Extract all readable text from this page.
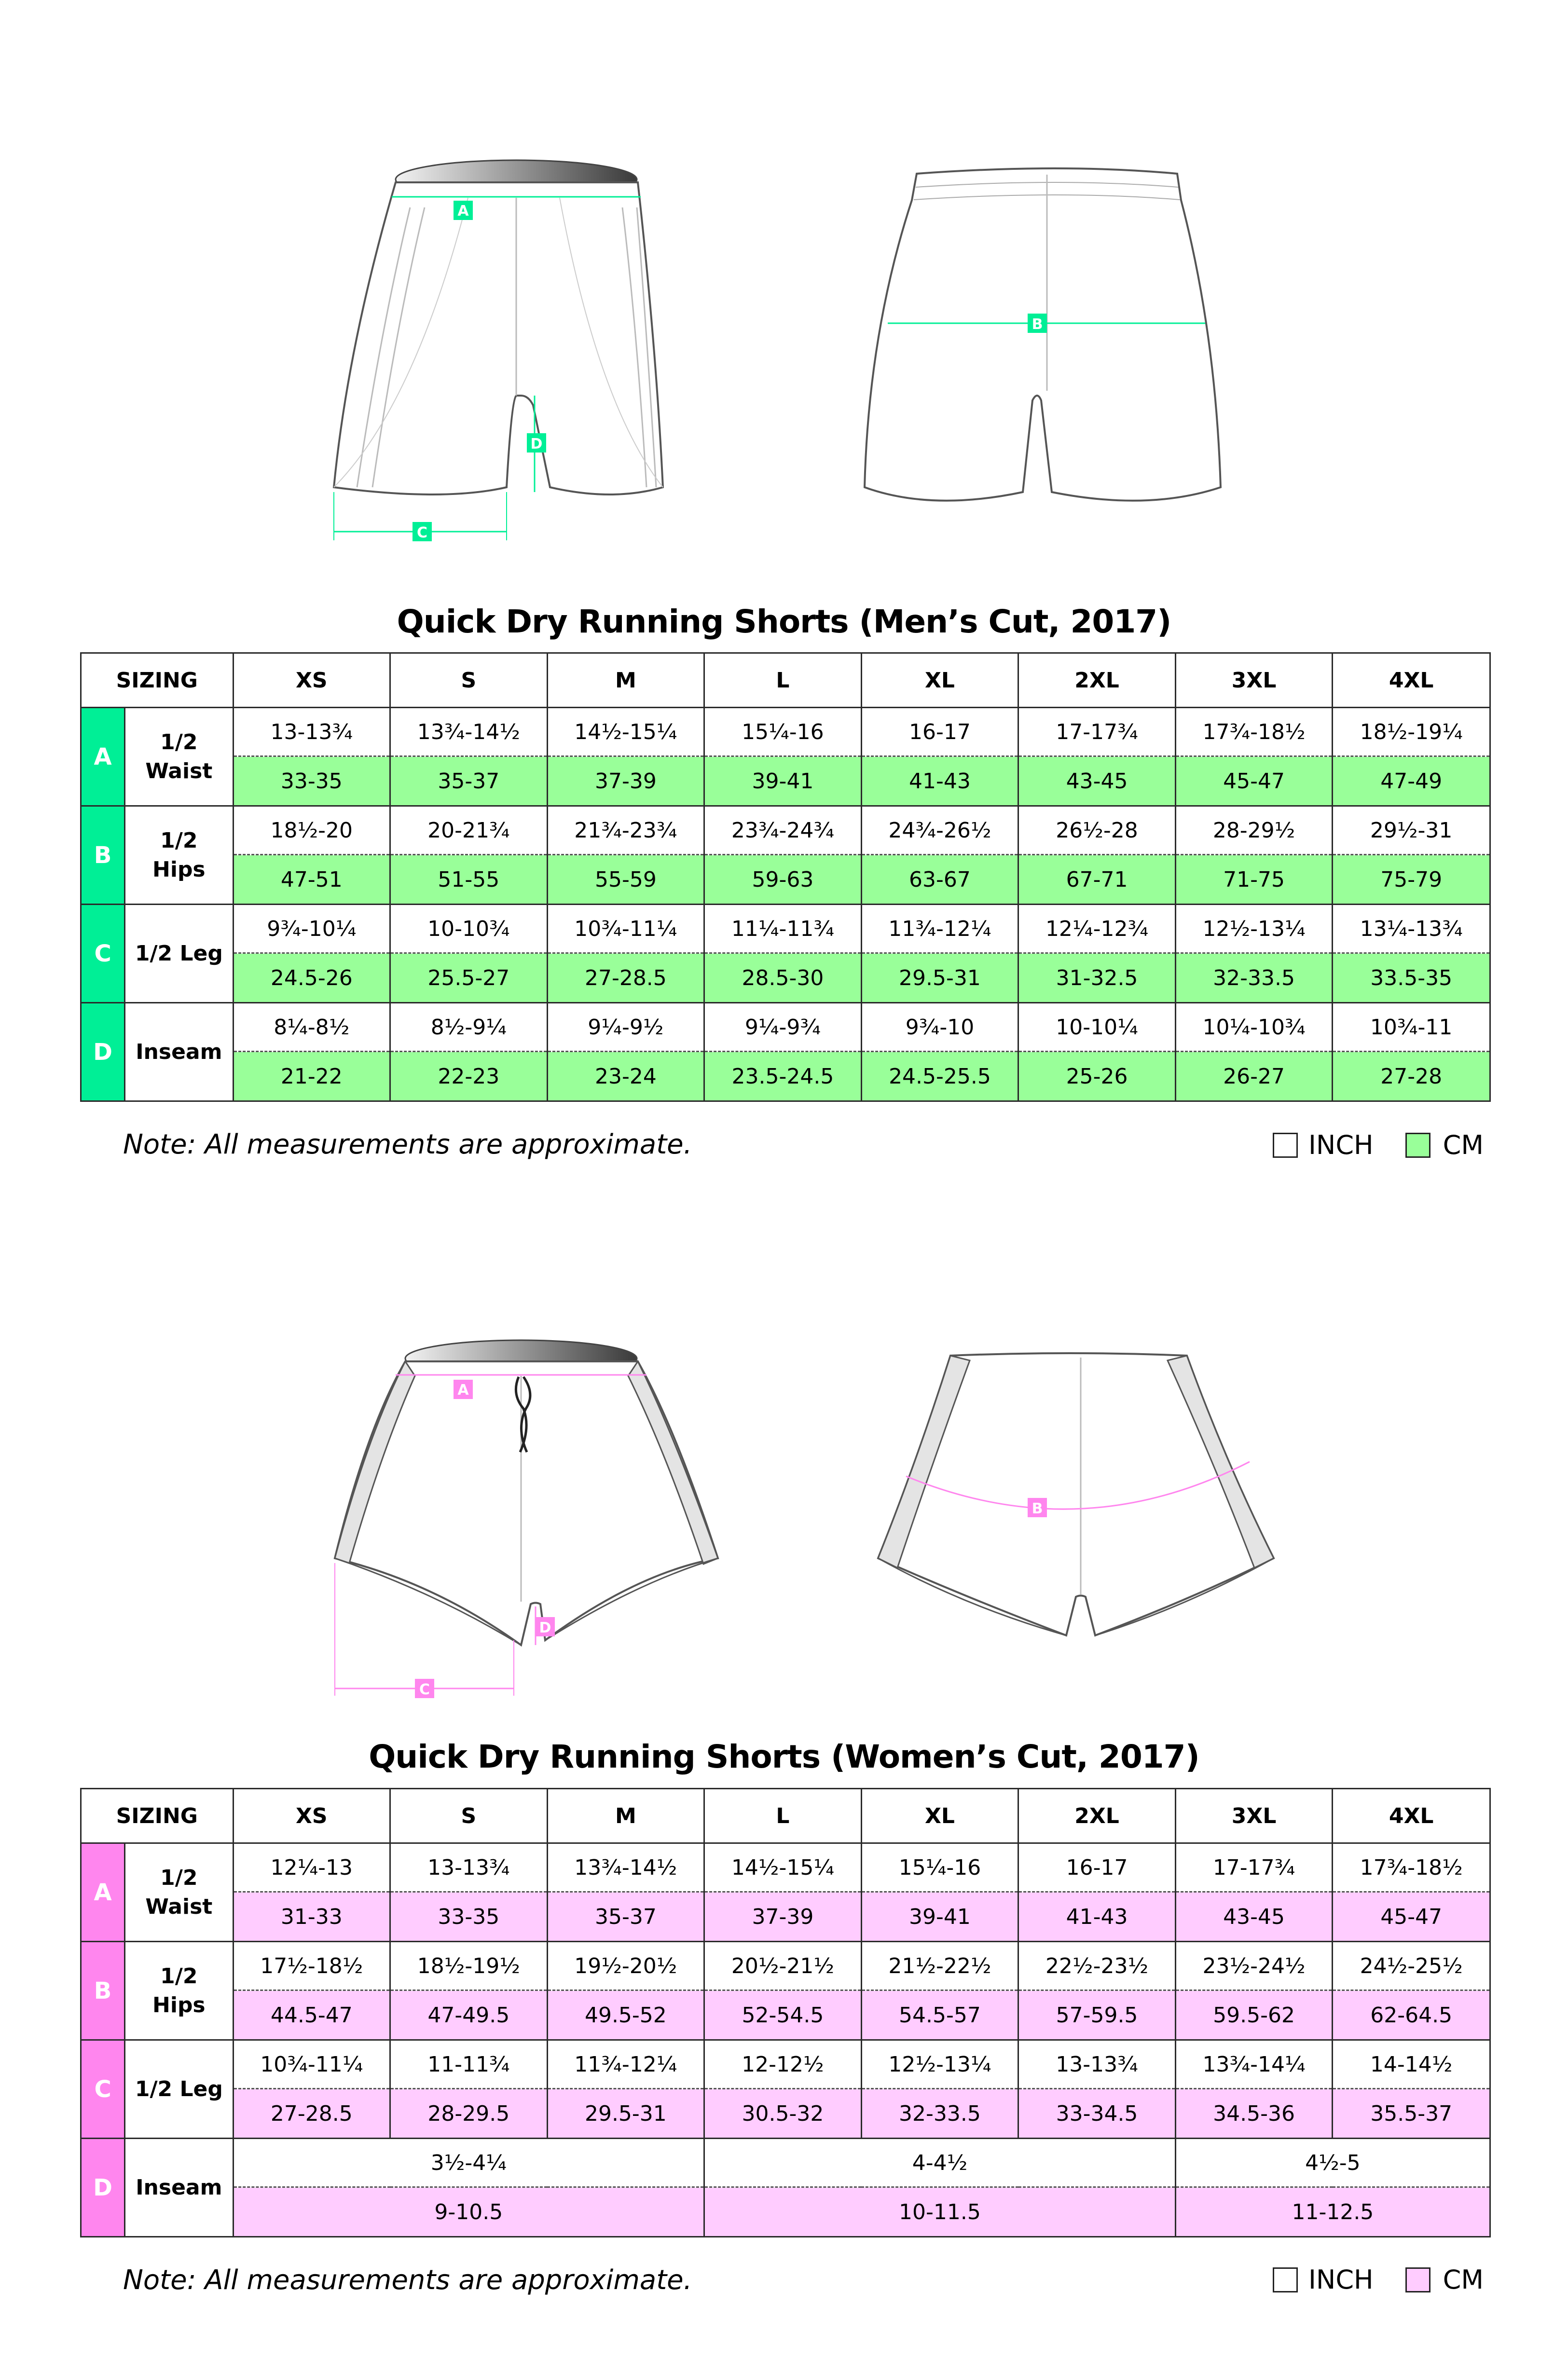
A
D
C
B
Quick Dry Running Shorts (Men’s Cut, 2017)
SIZING		XS	S	M	L	XL	2XL	3XL	4XL
A	1/2 Waist	13-13¾	13¾-14½	14½-15¼	15¼-16	16-17	17-17¾	17¾-18½	18½-19¼
		33-35	35-37	37-39	39-41	41-43	43-45	45-47	47-49
B	1/2 Hips	18½-20	20-21¾	21¾-23¾	23¾-24¾	24¾-26½	26½-28	28-29½	29½-31
		47-51	51-55	55-59	59-63	63-67	67-71	71-75	75-79
C	1/2 Leg	9¾-10¼	10-10¾	10¾-11¼	11¼-11¾	11¾-12¼	12¼-12¾	12½-13¼	13¼-13¾
		24.5-26	25.5-27	27-28.5	28.5-30	29.5-31	31-32.5	32-33.5	33.5-35
D	Inseam	8¼-8½	8½-9¼	9¼-9½	9¼-9¾	9¾-10	10-10¼	10¼-10¾	10¾-11
		21-22	22-23	23-24	23.5-24.5	24.5-25.5	25-26	26-27	27-28
Note: All measurements are approximate.	INCH	CM
A
D
C
B
Quick Dry Running Shorts (Women’s Cut, 2017)
SIZING		XS	S	M	L	XL	2XL	3XL	4XL
A	1/2 Waist	12¼-13	13-13¾	13¾-14½	14½-15¼	15¼-16	16-17	17-17¾	17¾-18½
		31-33	33-35	35-37	37-39	39-41	41-43	43-45	45-47
B	1/2 Hips	17½-18½	18½-19½	19½-20½	20½-21½	21½-22½	22½-23½	23½-24½	24½-25½
		44.5-47	47-49.5	49.5-52	52-54.5	54.5-57	57-59.5	59.5-62	62-64.5
C	1/2 Leg	10¾-11¼	11-11¾	11¾-12¼	12-12½	12½-13¼	13-13¾	13¾-14¼	14-14½
		27-28.5	28-29.5	29.5-31	30.5-32	32-33.5	33-34.5	34.5-36	35.5-37
D	Inseam	3½-4¼			4-4½			4½-5	
		9-10.5			10-11.5			11-12.5	
Note: All measurements are approximate.	INCH	CM
